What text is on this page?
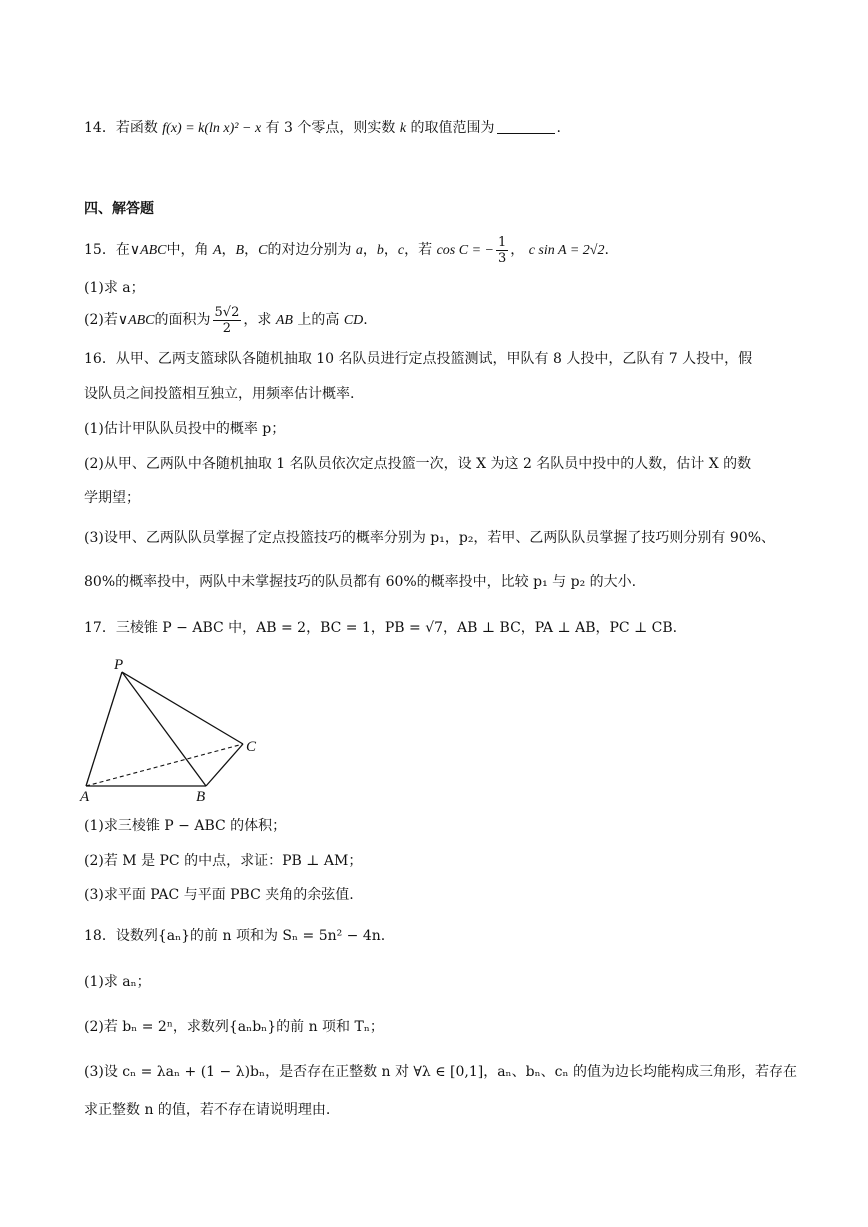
14．若函数 f(x) = k(ln x)² − x 有 3 个零点，则实数 k 的取值范围为	.
四、解答题
15．在∨ABC中，角 A，B，C的对边分别为 a，b，c，若 cos C = − $\frac{1}{3}$ ， c sin A = 2√2.
(1)求 a；
(2)若∨ABC的面积为 $\frac{5√2}{2}$ ，求 AB 上的高 CD.
16．从甲、乙两支篮球队各随机抽取 10 名队员进行定点投篮测试，甲队有 8 人投中，乙队有 7 人投中，假
设队员之间投篮相互独立，用频率估计概率.
(1)估计甲队队员投中的概率 p；
(2)从甲、乙两队中各随机抽取 1 名队员依次定点投篮一次，设 X 为这 2 名队员中投中的人数，估计 X 的数
学期望；
(3)设甲、乙两队队员掌握了定点投篮技巧的概率分别为 p₁，p₂，若甲、乙两队队员掌握了技巧则分别有 90%、
80%的概率投中，两队中未掌握技巧的队员都有 60%的概率投中，比较 p₁ 与 p₂ 的大小.
17．三棱锥 P − ABC 中，AB = 2，BC = 1，PB = √7，AB ⊥ BC，PA ⊥ AB，PC ⊥ CB.
P
C
A	B
(1)求三棱锥 P − ABC 的体积；
(2)若 M 是 PC 的中点，求证：PB ⊥ AM；
(3)求平面 PAC 与平面 PBC 夹角的余弦值.
18．设数列{aₙ}的前 n 项和为 Sₙ = 5n² − 4n.
(1)求 aₙ；
(2)若 bₙ = 2ⁿ，求数列{aₙbₙ}的前 n 项和 Tₙ；
(3)设 cₙ = λaₙ + (1 − λ)bₙ，是否存在正整数 n 对 ∀λ ∈ [0,1]，aₙ、bₙ、cₙ 的值为边长均能构成三角形，若存在
求正整数 n 的值，若不存在请说明理由.
